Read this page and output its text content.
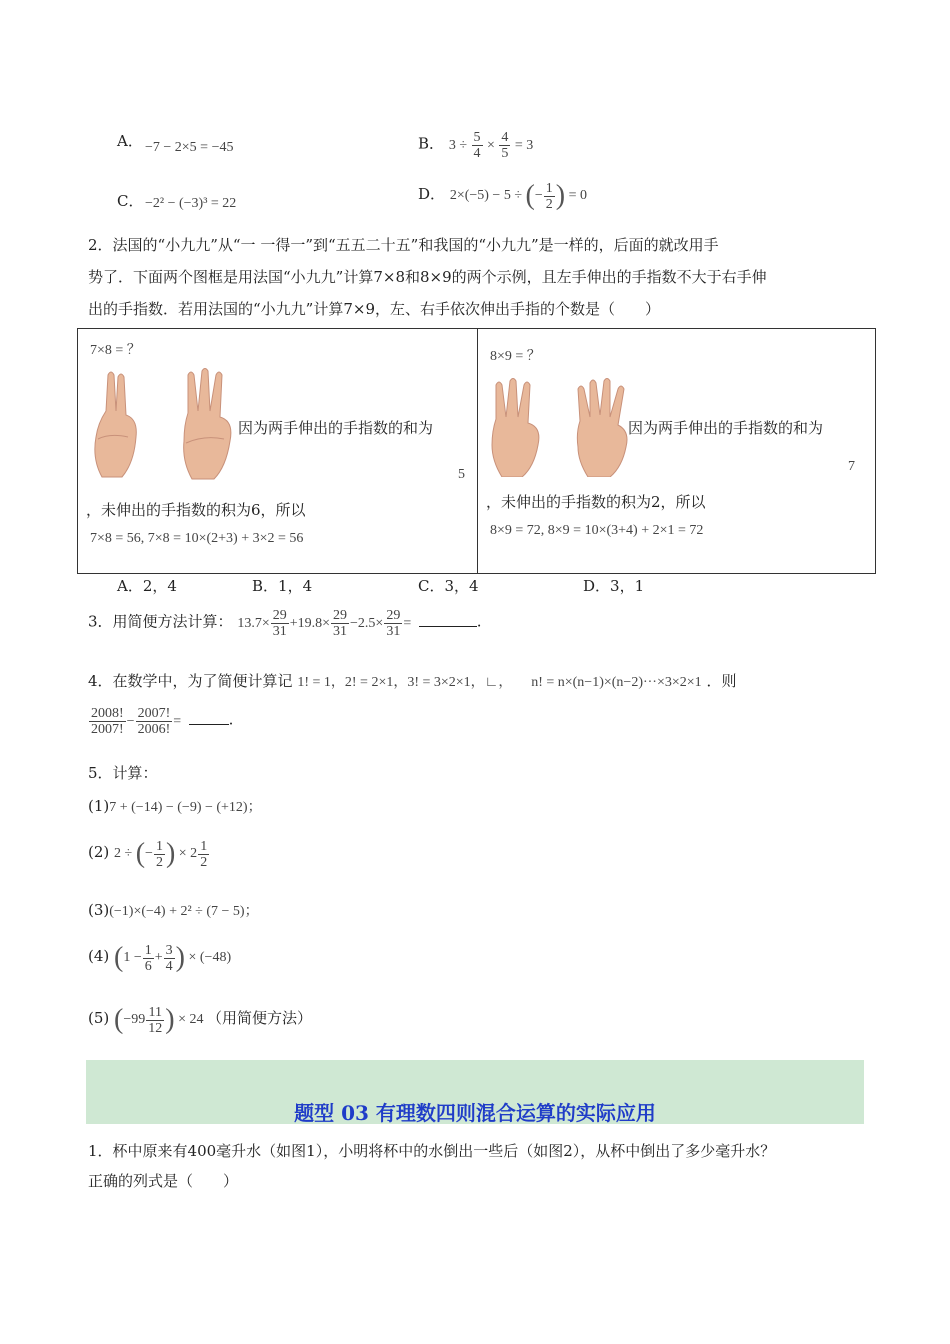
A． −7 − 2×5 = −45	B． $3 \div \frac{5}{4} \times \frac{4}{5} = 3$
C． −2² − (−3)³ = 22
D． 2×(−5) − 5 ÷ (− $\frac{1}{2}$ ) = 0
2．法国的“小九九”从“一 一得一”到“五五二十五”和我国的“小九九”是一样的，后面的就改用手
势了．下面两个图框是用法国“小九九”计算7×8和8×9的两个示例，且左手伸出的手指数不大于右手伸
出的手指数．若用法国的“小九九”计算7×9，左、右手依次伸出手指的个数是（　　）
7×8 = ？
因为两手伸出的手指数的和为
5
，未伸出的手指数的积为6，所以
7×8 = 56, 7×8 = 10×(2+3) + 3×2 = 56
8×9 = ？
因为两手伸出的手指数的和为
7
，未伸出的手指数的积为2，所以
8×9 = 72, 8×9 = 10×(3+4) + 2×1 = 72
A．2，4	B．1，4	C．3，4	D．3，1
3．用简便方法计算： $13.7\times \frac{29}{31} +19.8\times \frac{29}{31} -2.5\times \frac{29}{31}$ =	.
4．在数学中，为了简便计算记 1! = 1，2! = 2×1，3! = 3×2×1，∟， n! = n×(n−1)×(n−2)···×3×2×1 ．则
$\frac{2008!}{2007!} - \frac{2007!}{2006!}$ =	.
5．计算：
(1)7 + (−14) − (−9) − (+12)；
(2) 2 ÷ (− $\frac{1}{2}$ ) × $2 \frac{1}{2}$
(3)(−1)×(−4) + 2² ÷ (7 − 5)；
(4) ($1 - \frac{1}{6} + \frac{3}{4}$ ) × (−48)
(5) ($-99 \frac{11}{12}$ ) × 24 （用简便方法）
题型 03 有理数四则混合运算的实际应用
1．杯中原来有400毫升水（如图1），小明将杯中的水倒出一些后（如图2），从杯中倒出了多少毫升水？
正确的列式是（　　）
